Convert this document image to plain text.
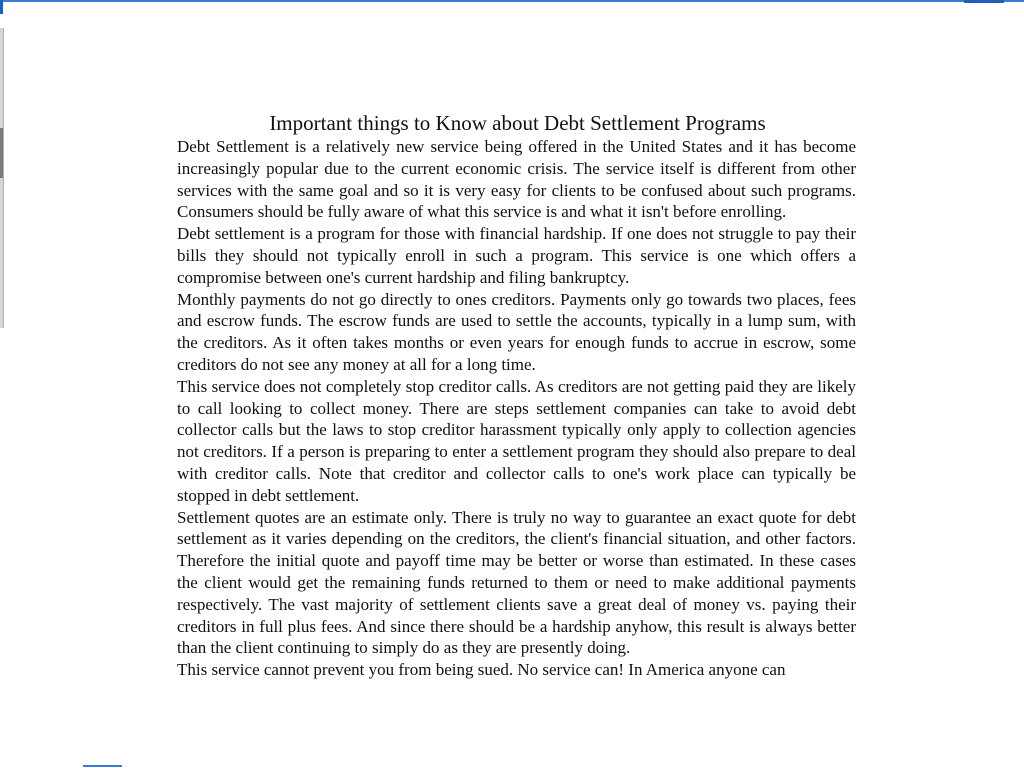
Important things to Know about Debt Settlement Programs

Debt Settlement is a relatively new service being offered in the United States and it has become increasingly popular due to the current economic crisis. The service itself is different from other services with the same goal and so it is very easy for clients to be confused about such programs. Consumers should be fully aware of what this service is and what it isn't before enrolling.

Debt settlement is a program for those with financial hardship. If one does not struggle to pay their bills they should not typically enroll in such a program. This service is one which offers a compromise between one's current hardship and filing bankruptcy.

Monthly payments do not go directly to ones creditors. Payments only go towards two places, fees and escrow funds. The escrow funds are used to settle the accounts, typically in a lump sum, with the creditors. As it often takes months or even years for enough funds to accrue in escrow, some creditors do not see any money at all for a long time.

This service does not completely stop creditor calls. As creditors are not getting paid they are likely to call looking to collect money. There are steps settlement companies can take to avoid debt collector calls but the laws to stop creditor harassment typically only apply to collection agencies not creditors. If a person is preparing to enter a settlement program they should also prepare to deal with creditor calls. Note that creditor and collector calls to one's work place can typically be stopped in debt settlement.

Settlement quotes are an estimate only. There is truly no way to guarantee an exact quote for debt settlement as it varies depending on the creditors, the client's financial situation, and other factors. Therefore the initial quote and payoff time may be better or worse than estimated. In these cases the client would get the remaining funds returned to them or need to make additional payments respectively. The vast majority of settlement clients save a great deal of money vs. paying their creditors in full plus fees. And since there should be a hardship anyhow, this result is always better than the client continuing to simply do as they are presently doing.

This service cannot prevent you from being sued. No service can! In America anyone can
